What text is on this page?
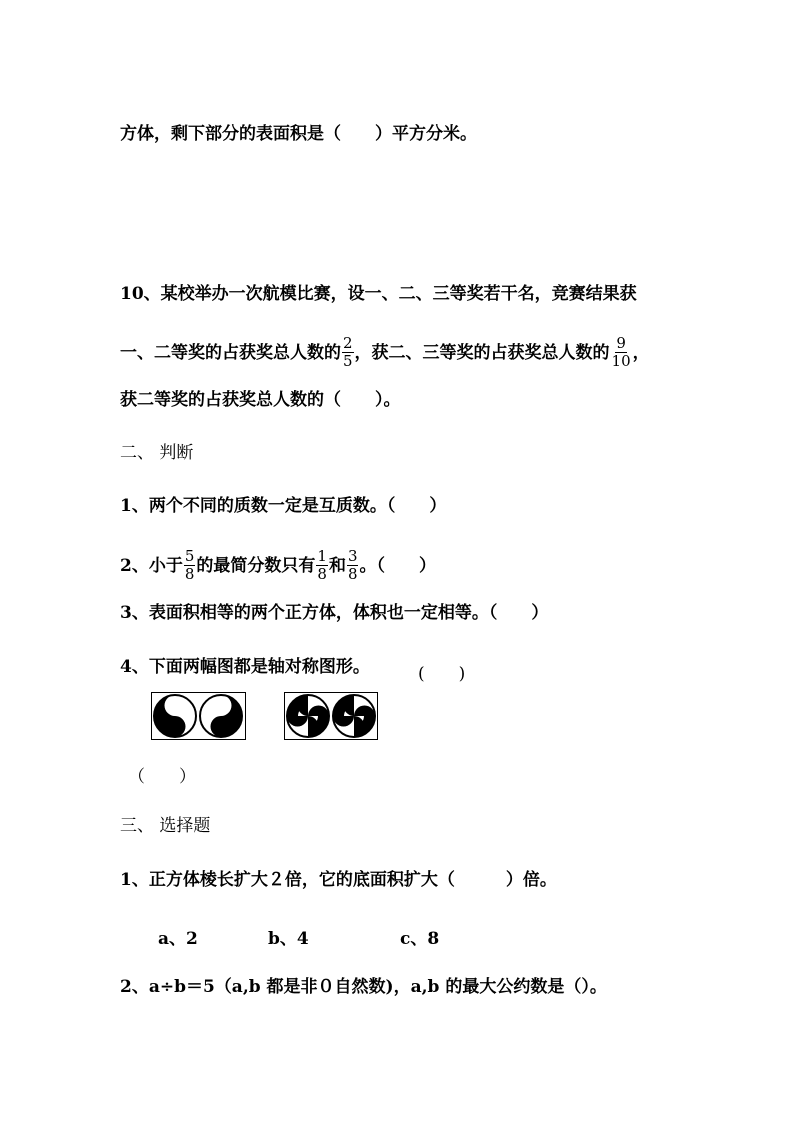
方体，剩下部分的表面积是（　　）平方分米。
10、某校举办一次航模比赛，设一、二、三等奖若干名，竞赛结果获
一、二等奖的占获奖总人数的 $\frac{2}{5}$ ，获二、三等奖的占获奖总人数的 $\frac{9}{10}$ ，
获二等奖的占获奖总人数的（　　）。
二、 判断
1、两个不同的质数一定是互质数。（　　）
2、小于 $\frac{5}{8}$ 的最简分数只有 $\frac{1}{8}$ 和 $\frac{3}{8}$ 。（　　）
3、表面积相等的两个正方体，体积也一定相等。（　　）
4、下面两幅图都是轴对称图形。	(　　)
（　　）
三、 选择题
1、正方体棱长扩大２倍，它的底面积扩大（　　　）倍。
a、2	b、4	c、8
2、a÷b＝5（a,b 都是非０自然数)，a,b 的最大公约数是（）。
